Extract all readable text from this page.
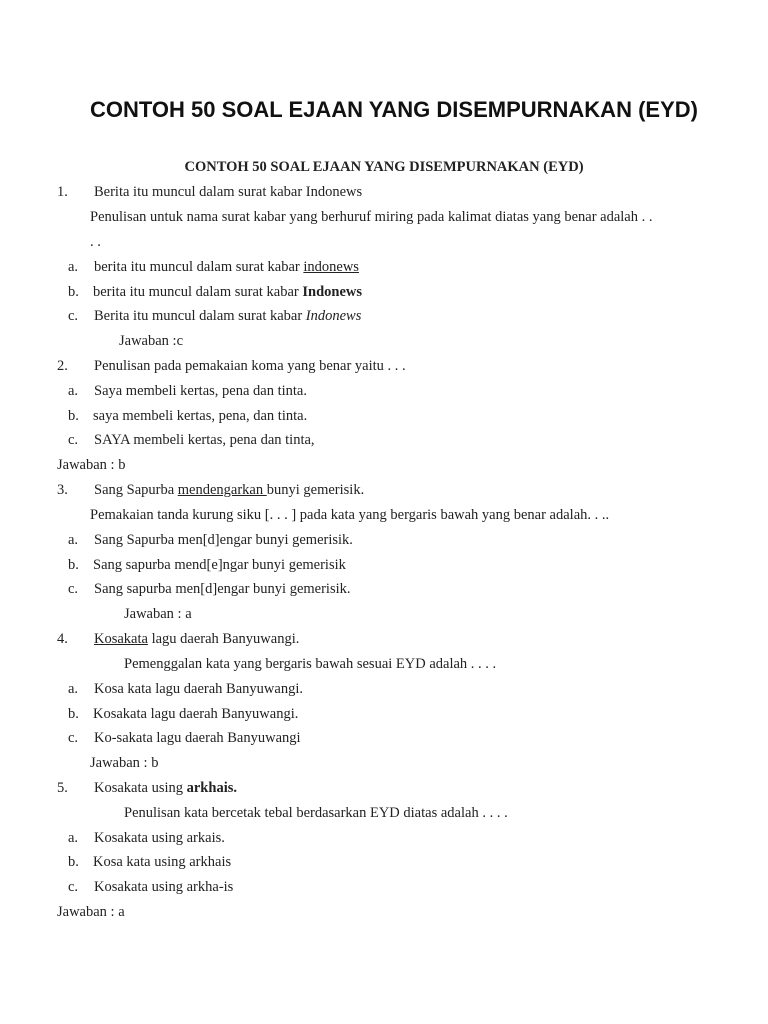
CONTOH 50 SOAL EJAAN YANG DISEMPURNAKAN (EYD)
CONTOH 50 SOAL EJAAN YANG DISEMPURNAKAN (EYD)
1. Berita itu muncul dalam surat kabar Indonews
Penulisan untuk nama surat kabar yang berhuruf miring pada kalimat diatas yang benar adalah . .
. .
a. berita itu muncul dalam surat kabar indonews
b. berita itu muncul dalam surat kabar Indonews
c. Berita itu muncul dalam surat kabar Indonews
Jawaban :c
2. Penulisan pada pemakaian koma yang benar yaitu . . .
a. Saya membeli kertas, pena dan tinta.
b. saya membeli kertas, pena, dan tinta.
c. SAYA membeli kertas, pena dan tinta,
Jawaban : b
3. Sang Sapurba mendengarkan bunyi gemerisik.
Pemakaian tanda kurung siku [. . . ] pada kata yang bergaris bawah yang benar adalah. . ..
a. Sang Sapurba men[d]engar bunyi gemerisik.
b. Sang sapurba mend[e]ngar bunyi gemerisik
c. Sang sapurba men[d]engar bunyi gemerisik.
Jawaban : a
4. Kosakata lagu daerah Banyuwangi.
Pemenggalan kata yang bergaris bawah sesuai EYD adalah . . . .
a. Kosa kata lagu daerah Banyuwangi.
b. Kosakata lagu daerah Banyuwangi.
c. Ko-sakata lagu daerah Banyuwangi
Jawaban : b
5. Kosakata using arkhais.
Penulisan kata bercetak tebal berdasarkan EYD diatas adalah . . . .
a. Kosakata using arkais.
b. Kosa kata using arkhais
c. Kosakata using arkha-is
Jawaban : a
